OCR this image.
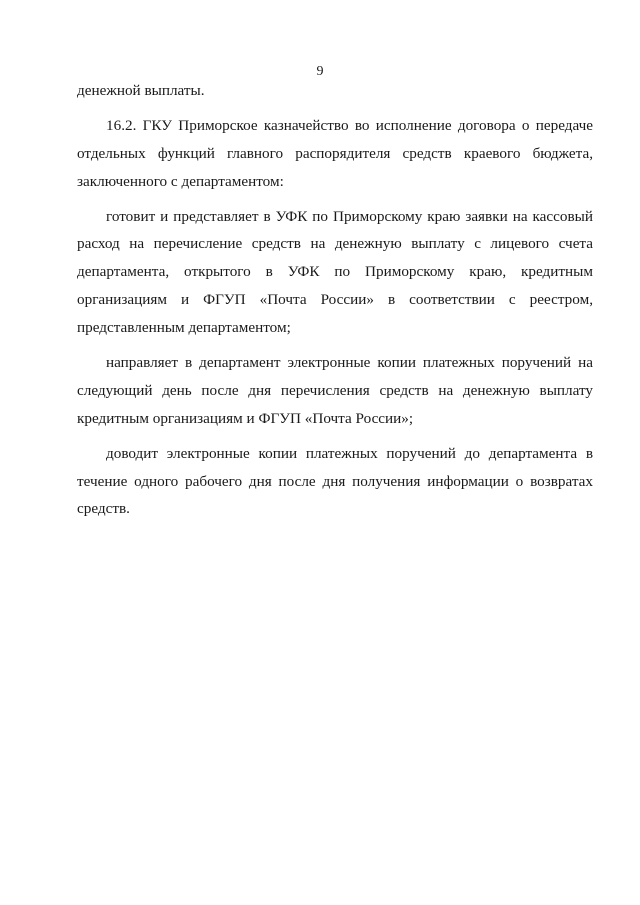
9
денежной выплаты.
16.2. ГКУ Приморское казначейство во исполнение договора о передаче
отдельных функций главного распорядителя средств краевого бюджета,
заключенного с департаментом:
готовит и представляет в УФК по Приморскому краю заявки на кассовый
расход на перечисление средств на денежную выплату с лицевого счета
департамента, открытого в УФК по Приморскому краю, кредитным
организациям и ФГУП «Почта России» в соответствии с реестром,
представленным департаментом;
направляет в департамент электронные копии платежных поручений на
следующий день после дня перечисления средств на денежную выплату
кредитным организациям и ФГУП «Почта России»;
доводит электронные копии платежных поручений до департамента в
течение одного рабочего дня после дня получения информации о возвратах
средств.
